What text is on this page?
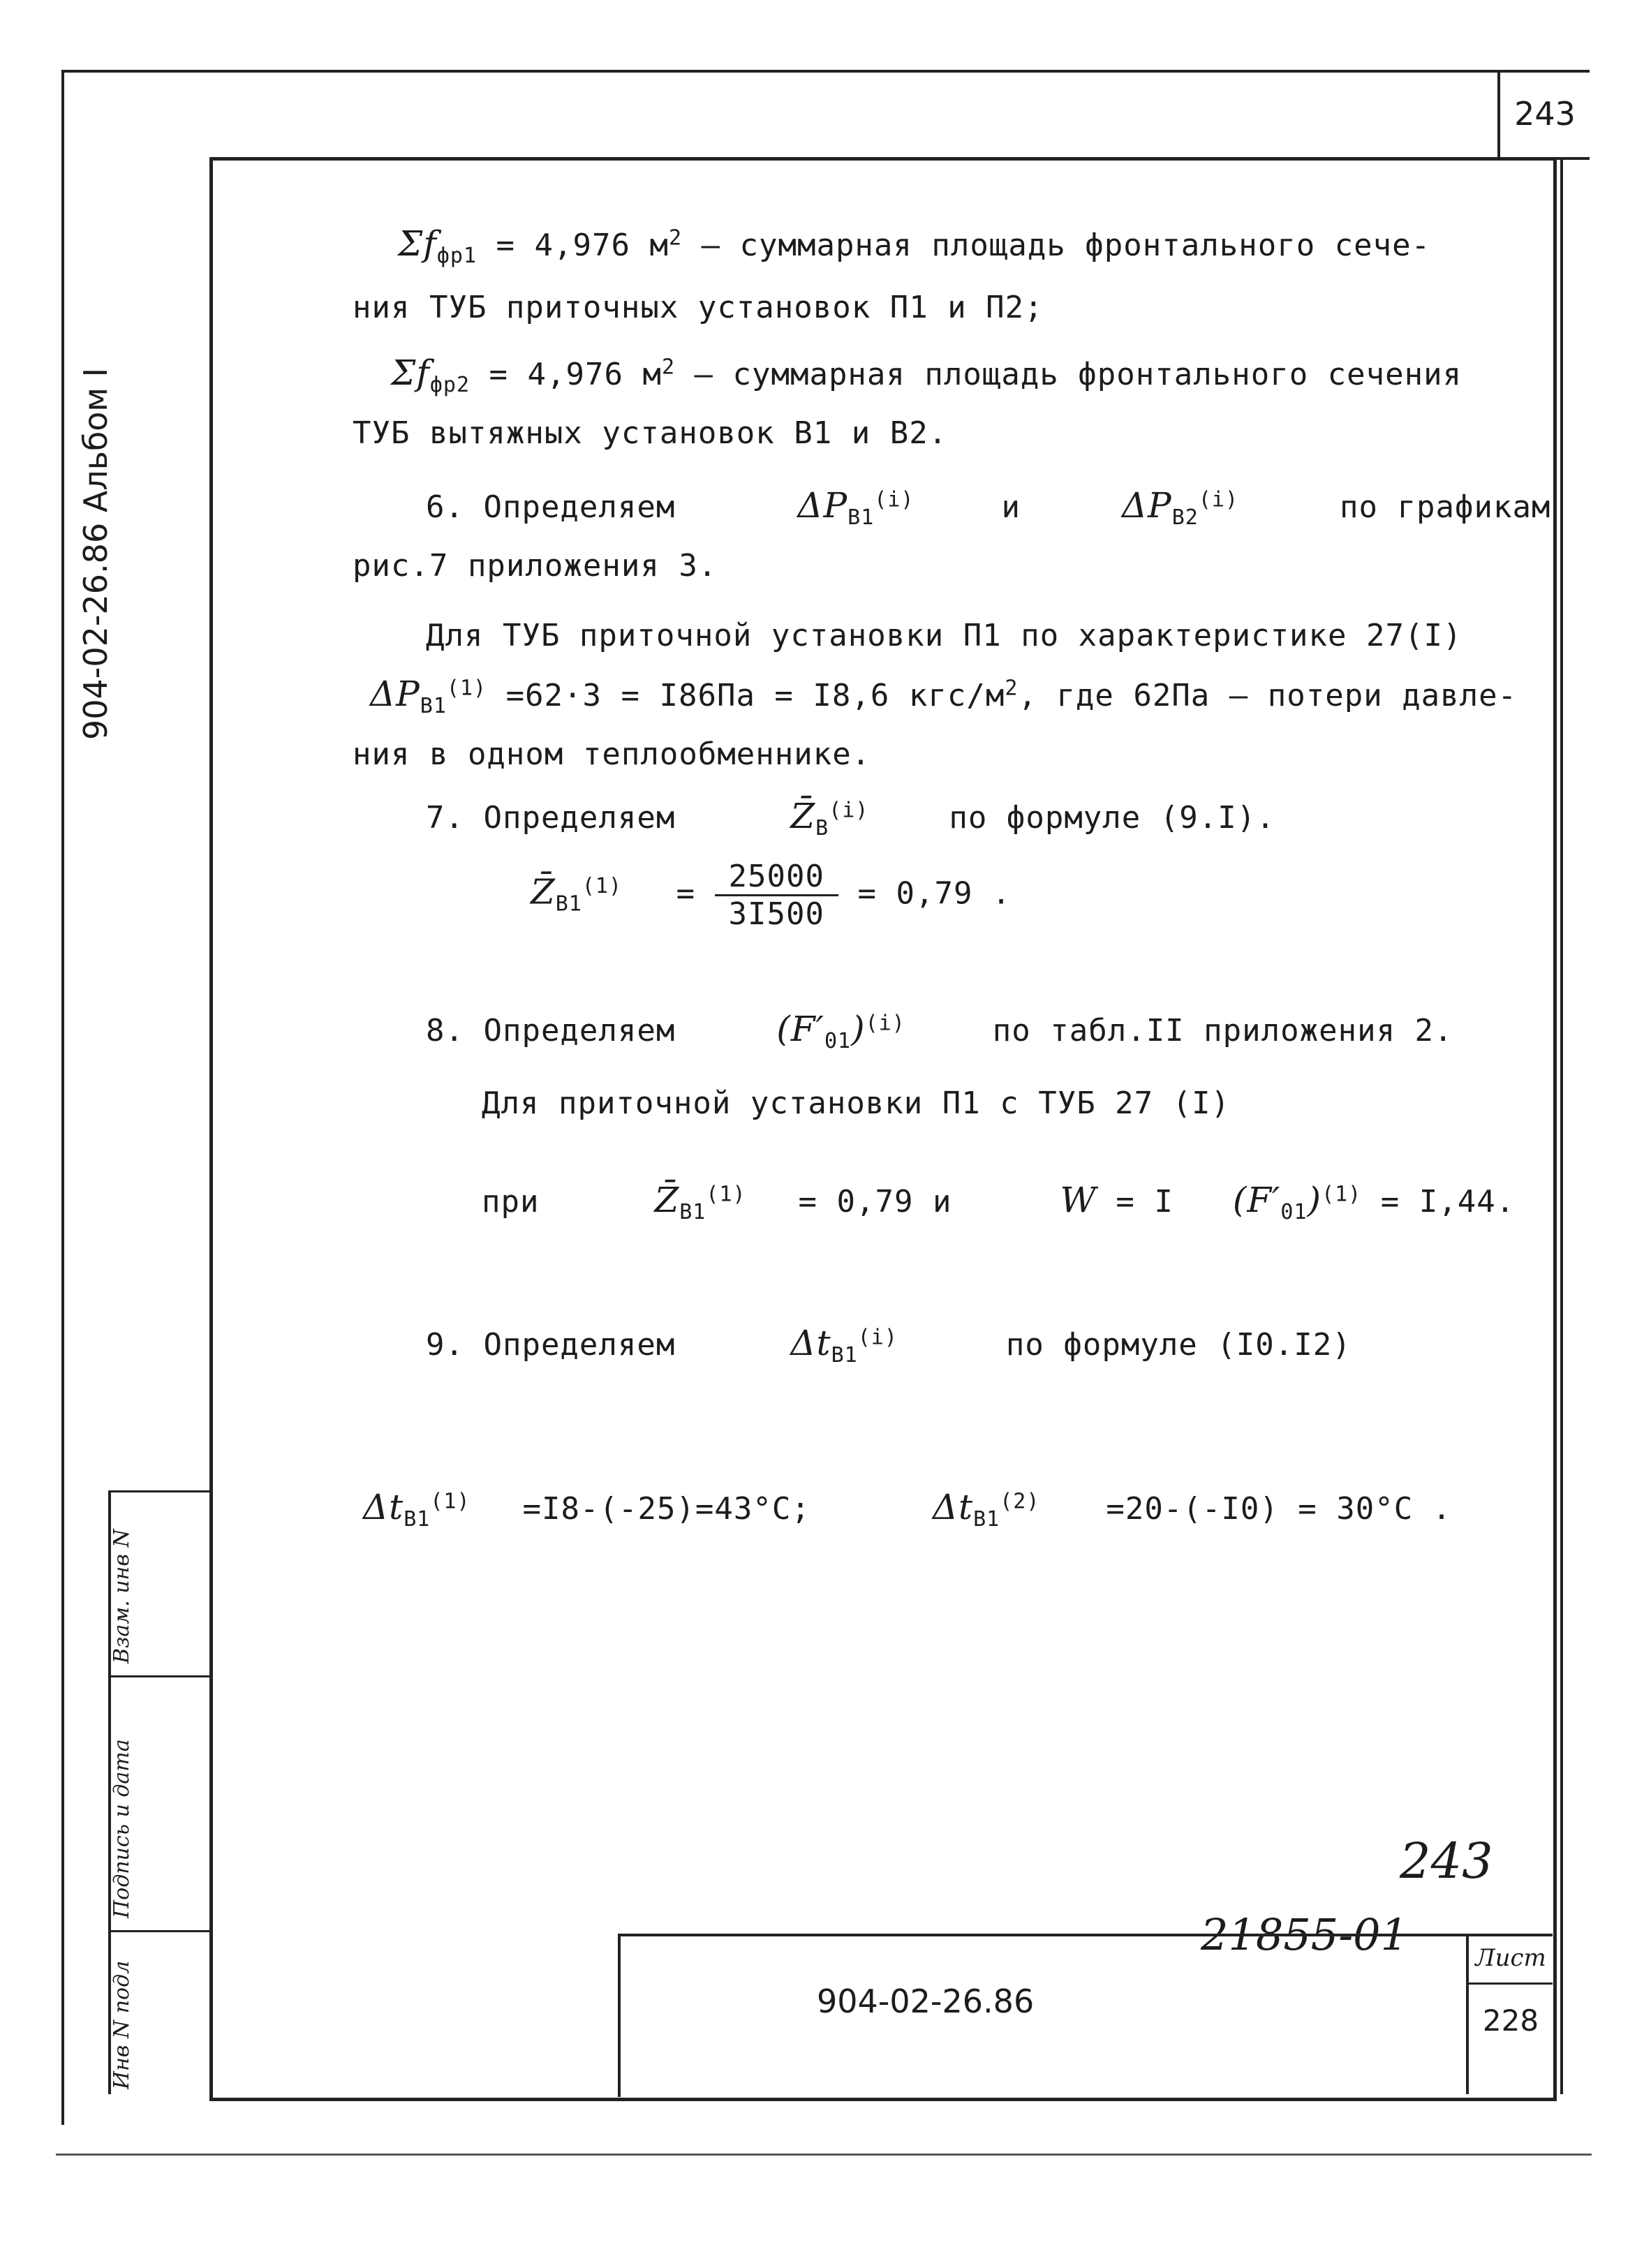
243
904-02-26.86 Альбом I
Взам. инв N
Подпись и дата
Инв N подл
$\Sigma f_{фр1} = 4,976$ $м^2$ – суммарная площадь фронтального сече-
ния ТУБ приточных установок П1 и П2;
$\Sigma f_{фр2} = 4,976$ $м^2$ – суммарная площадь фронтального сечения
ТУБ вытяжных установок В1 и В2.
6. Определяем	$\Delta P_{В1}^{(i)}$	и	$\Delta P_{В2}^{(i)}$	по графикам
рис.7 приложения 3.
Для ТУБ приточной установки П1 по характеристике 27(I)
$\Delta P_{В1}^{(1)} =62\cdot 3 = I86Па = I8,6$ кгс/$м^2$, где 62Па – потери давле-
ния в одном теплообменнике.
7. Определяем	$Z̄_В^{(i)}$	по формуле (9.I).
$Z̄_{В1}^{(1)} = \frac{25000}{3I500} = 0,79$ .
8. Определяем	$(F'_{01})^{(i)}$	по табл.II приложения 2.
Для приточной установки П1 с ТУБ 27 (I)
при	$Z̄_{В1}^{(1)} = 0,79$ и	W = I $(F'_{01})^{(1)} = I,44$.
9. Определяем	$\Delta t_{В1}^{(i)}$	по формуле (I0.I2)
$\Delta t_{В1}^{(1)} =I8-(-25)=43^\circ С$;	$\Delta t_{В1}^{(2)} =20-(-I0) = 30^\circ С$ .
243
21855-01
904-02-26.86
Лист
228
